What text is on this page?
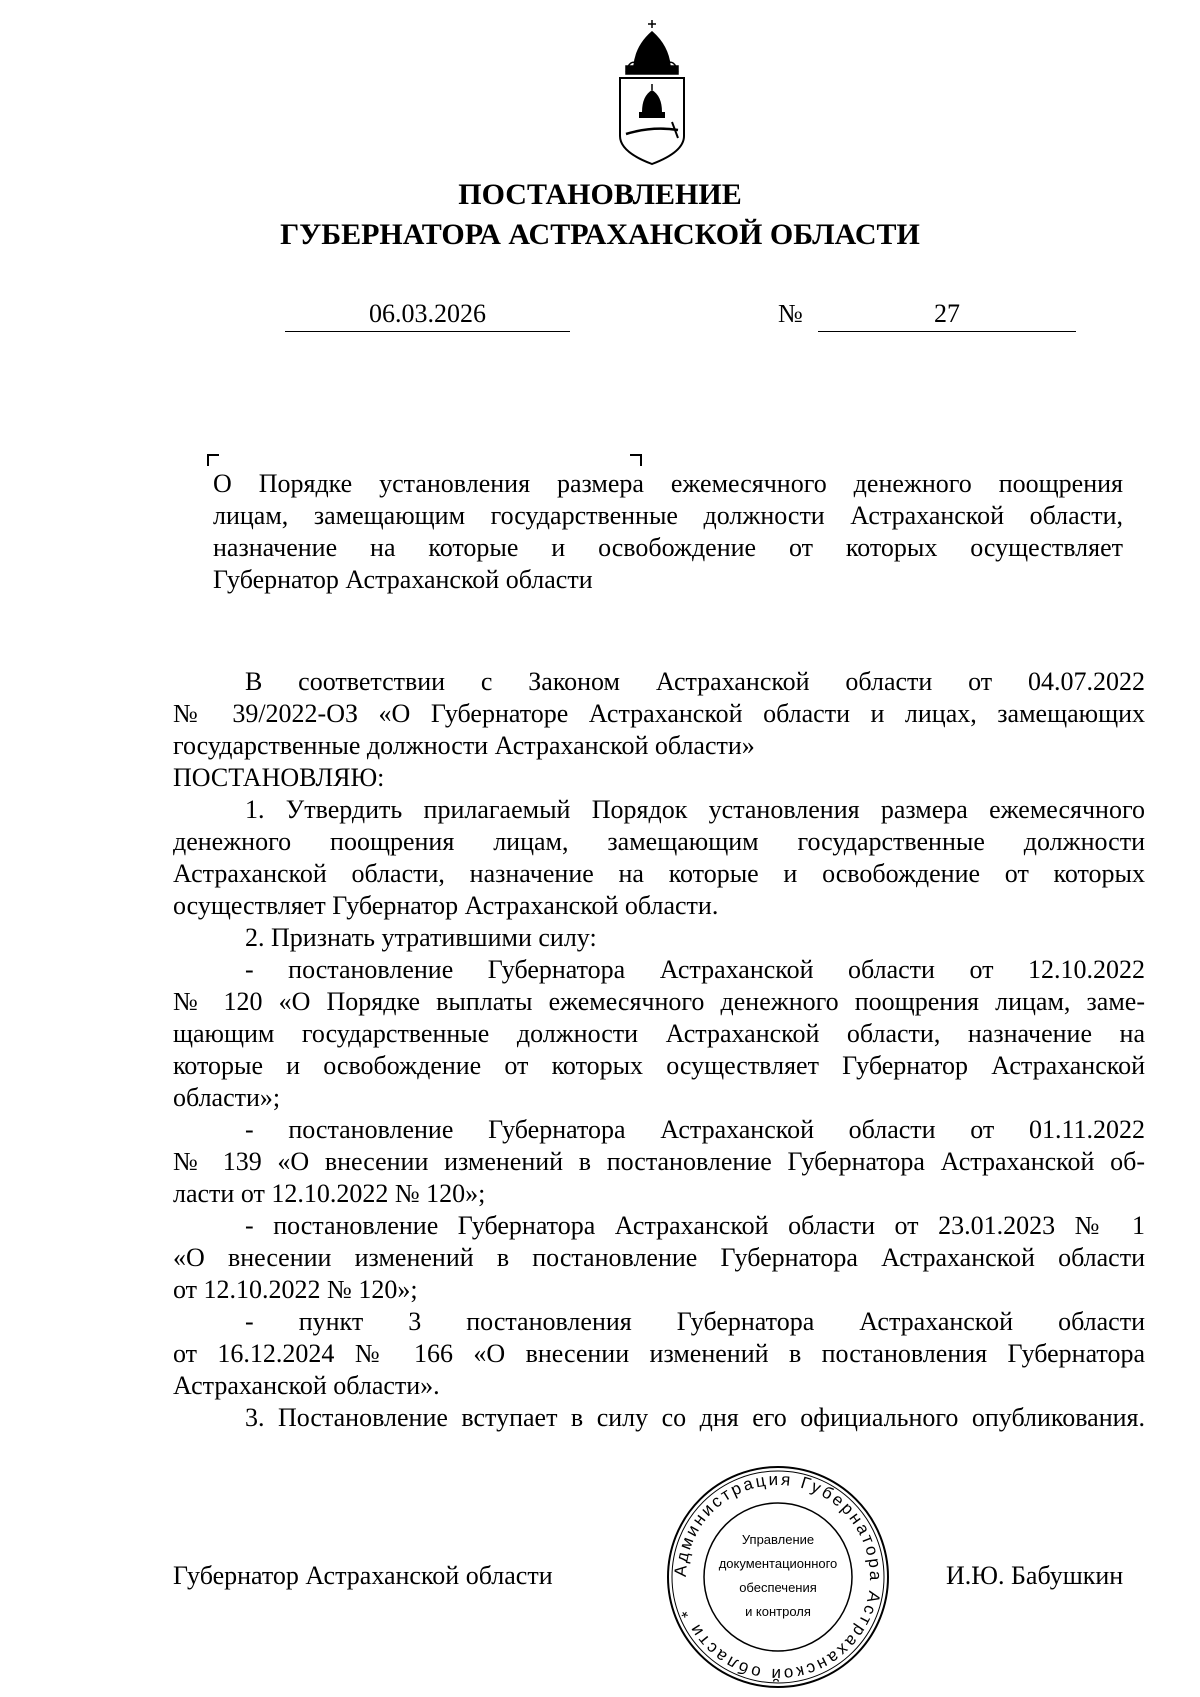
ПОСТАНОВЛЕНИЕ
ГУБЕРНАТОРА АСТРАХАНСКОЙ ОБЛАСТИ
06.03.2026	№	27
О Порядке установления размера ежемесячного денежного поощрения
лицам, замещающим государственные должности Астраханской области,
назначение на которые и освобождение от которых осуществляет
Губернатор Астраханской области
В соответствии с Законом Астраханской области от 04.07.2022
№ 39/2022-ОЗ «О Губернаторе Астраханской области и лицах, замещающих
государственные должности Астраханской области»
ПОСТАНОВЛЯЮ:
1. Утвердить прилагаемый Порядок установления размера ежемесячного
денежного поощрения лицам, замещающим государственные должности
Астраханской области, назначение на которые и освобождение от которых
осуществляет Губернатор Астраханской области.
2. Признать утратившими силу:
- постановление Губернатора Астраханской области от 12.10.2022
№ 120 «О Порядке выплаты ежемесячного денежного поощрения лицам, заме-
щающим государственные должности Астраханской области, назначение на
которые и освобождение от которых осуществляет Губернатор Астраханской
области»;
- постановление Губернатора Астраханской области от 01.11.2022
№ 139 «О внесении изменений в постановление Губернатора Астраханской об-
ласти от 12.10.2022 № 120»;
- постановление Губернатора Астраханской области от 23.01.2023 № 1
«О внесении изменений в постановление Губернатора Астраханской области
от 12.10.2022 № 120»;
- пункт 3 постановления Губернатора Астраханской области
от 16.12.2024 № 166 «О внесении изменений в постановления Губернатора
Астраханской области».
3. Постановление вступает в силу со дня его официального опубликования.
Губернатор Астраханской области	И.Ю. Бабушкин
Администрация Губернатора Астраханской области *
Управление
документационного
обеспечения
и контроля
